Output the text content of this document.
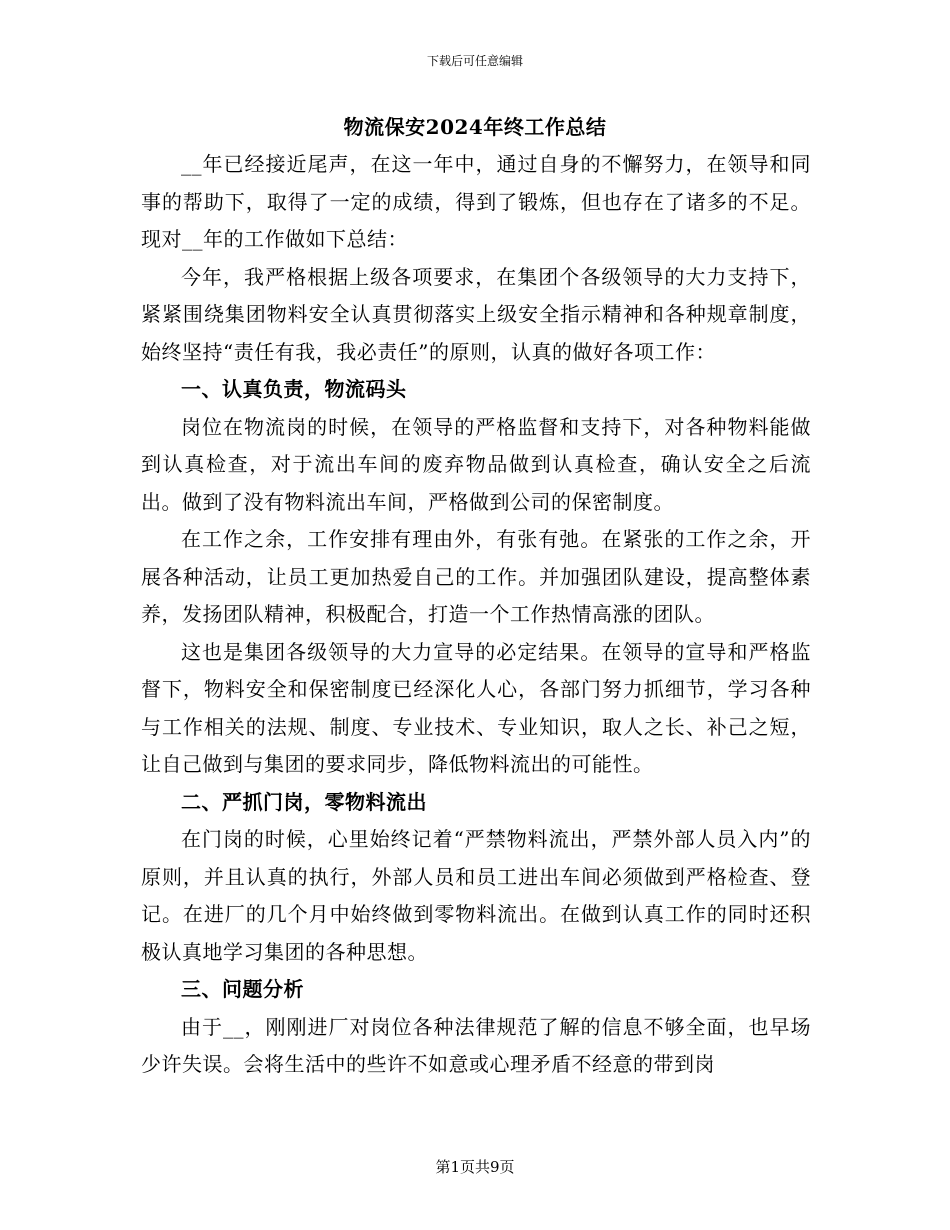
下载后可任意编辑
物流保安2024年终工作总结

__年已经接近尾声，在这一年中，通过自身的不懈努力，在领导和同事的帮助下，取得了一定的成绩，得到了锻炼，但也存在了诸多的不足。现对__年的工作做如下总结：

今年，我严格根据上级各项要求，在集团个各级领导的大力支持下，紧紧围绕集团物料安全认真贯彻落实上级安全指示精神和各种规章制度，始终坚持“责任有我，我必责任”的原则，认真的做好各项工作：

一、认真负责，物流码头

岗位在物流岗的时候，在领导的严格监督和支持下，对各种物料能做到认真检查，对于流出车间的废弃物品做到认真检查，确认安全之后流出。做到了没有物料流出车间，严格做到公司的保密制度。

在工作之余，工作安排有理由外，有张有弛。在紧张的工作之余，开展各种活动，让员工更加热爱自己的工作。并加强团队建设，提高整体素养，发扬团队精神，积极配合，打造一个工作热情高涨的团队。

这也是集团各级领导的大力宣导的必定结果。在领导的宣导和严格监督下，物料安全和保密制度已经深化人心，各部门努力抓细节，学习各种与工作相关的法规、制度、专业技术、专业知识，取人之长、补己之短，让自己做到与集团的要求同步，降低物料流出的可能性。

二、严抓门岗，零物料流出

在门岗的时候，心里始终记着“严禁物料流出，严禁外部人员入内”的原则，并且认真的执行，外部人员和员工进出车间必须做到严格检查、登记。在进厂的几个月中始终做到零物料流出。在做到认真工作的同时还积极认真地学习集团的各种思想。

三、问题分析

由于__，刚刚进厂对岗位各种法律规范了解的信息不够全面，也早场少许失误。会将生活中的些许不如意或心理矛盾不经意的带到岗

第1页共9页
